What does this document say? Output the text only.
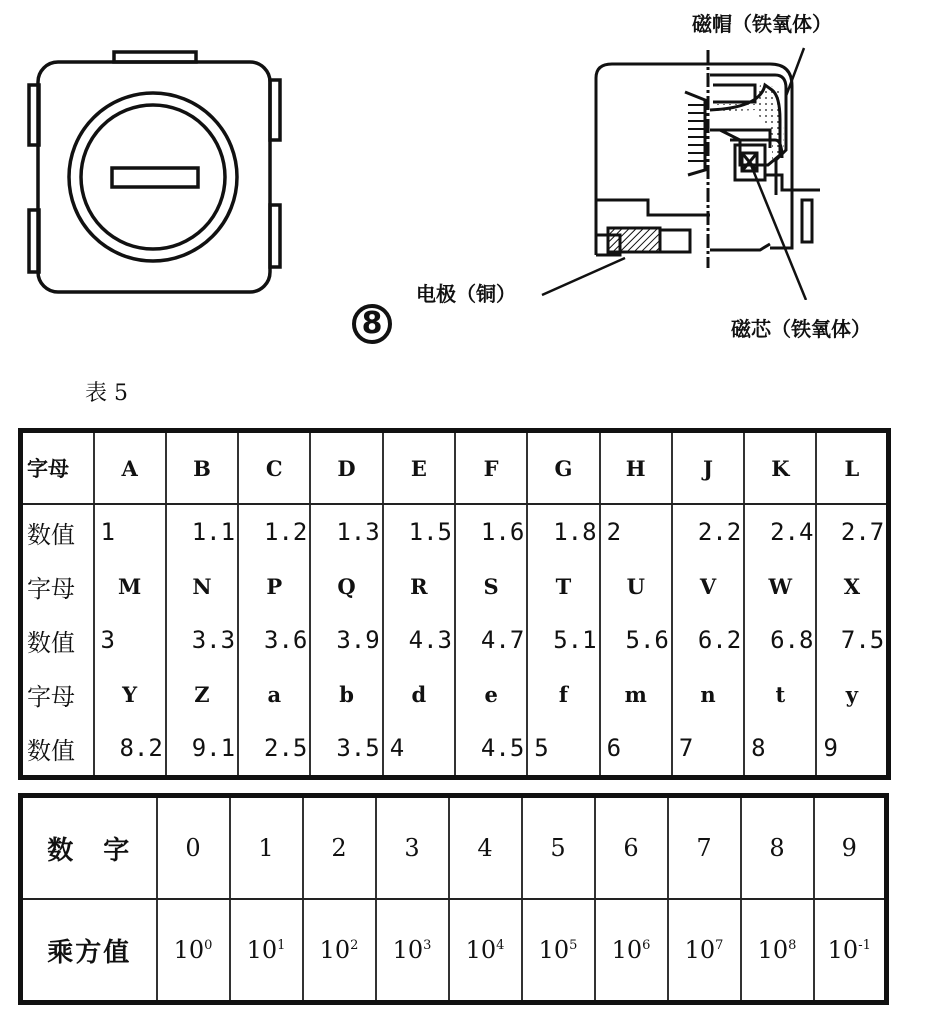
磁帽（铁氧体）
电极（铜）
磁芯（铁氧体）
8
表 5
字母	A	B	C	D	E	F	G	H	J	K	L
数值	1	1.1	1.2	1.3	1.5	1.6	1.8	2	2.2	2.4	2.7
字母	M	N	P	Q	R	S	T	U	V	W	X
数值	3	3.3	3.6	3.9	4.3	4.7	5.1	5.6	6.2	6.8	7.5
字母	Y	Z	a	b	d	e	f	m	n	t	y
数值	8.2	9.1	2.5	3.5	4	4.5	5	6	7	8	9
数　字	0	1	2	3	4	5	6	7	8	9
乘方值	$10^0$	$10^1$	$10^2$	$10^3$	$10^4$	$10^5$	$10^6$	$10^7$	$10^8$	$10^{-1}$
